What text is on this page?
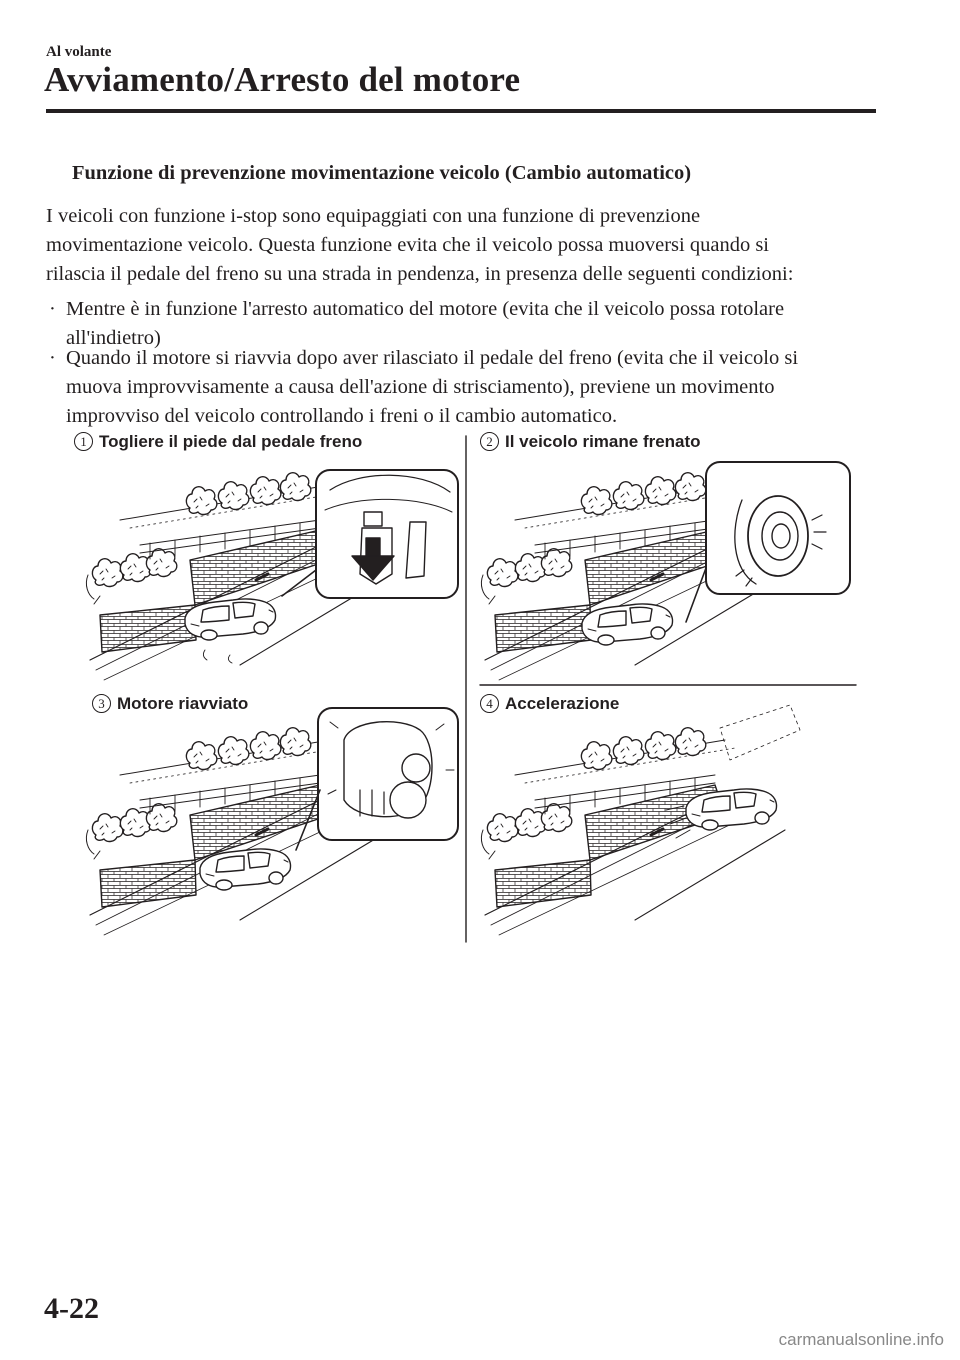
Al volante
Avviamento/Arresto del motore
Funzione di prevenzione movimentazione veicolo (Cambio automatico)
I veicoli con funzione i-stop sono equipaggiati con una funzione di prevenzione
movimentazione veicolo. Questa funzione evita che il veicolo possa muoversi quando si
rilascia il pedale del freno su una strada in pendenza, in presenza delle seguenti condizioni:
· Mentre è in funzione l'arresto automatico del motore (evita che il veicolo possa rotolare
all'indietro)
· Quando il motore si riavvia dopo aver rilasciato il pedale del freno (evita che il veicolo si
muova improvvisamente a causa dell'azione di strisciamento), previene un movimento
improvviso del veicolo controllando i freni o il cambio automatico.
1 Togliere il piede dal pedale freno	2 Il veicolo rimane frenato
3 Motore riavviato	4 Accelerazione
4-22
carmanualsonline.info
